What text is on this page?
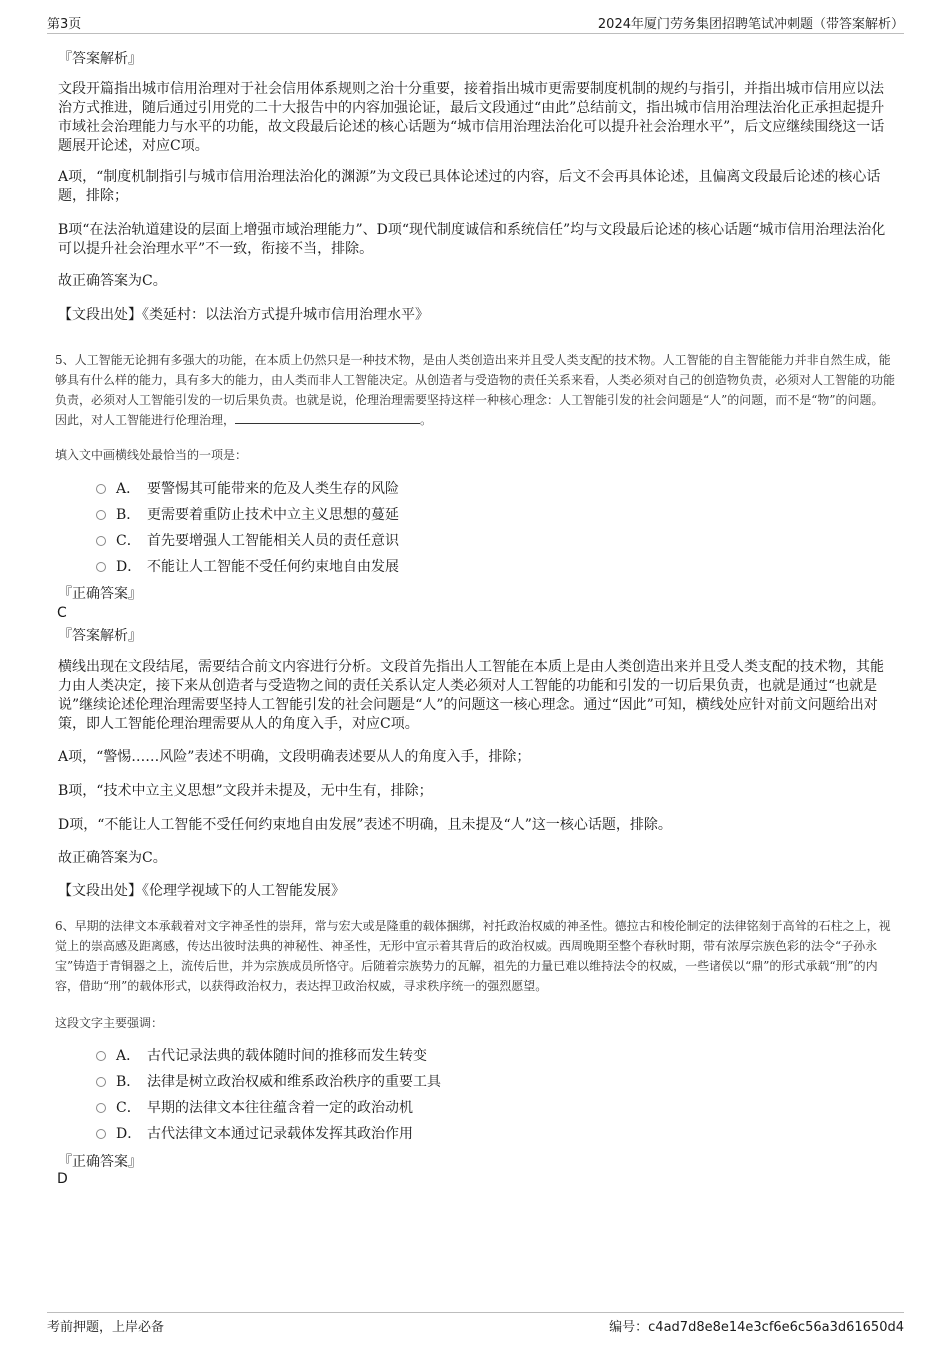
第3页	2024年厦门劳务集团招聘笔试冲刺题（带答案解析）
『答案解析』
文段开篇指出城市信用治理对于社会信用体系规则之治十分重要，接着指出城市更需要制度机制的规约与指引，并指出城市信用应以法治方式推进，随后通过引用党的二十大报告中的内容加强论证，最后文段通过“由此”总结前文，指出城市信用治理法治化正承担起提升市域社会治理能力与水平的功能，故文段最后论述的核心话题为“城市信用治理法治化可以提升社会治理水平”，后文应继续围绕这一话题展开论述，对应C项。
A项，“制度机制指引与城市信用治理法治化的渊源”为文段已具体论述过的内容，后文不会再具体论述，且偏离文段最后论述的核心话题，排除；
B项“在法治轨道建设的层面上增强市域治理能力”、D项“现代制度诚信和系统信任”均与文段最后论述的核心话题“城市信用治理法治化可以提升社会治理水平”不一致，衔接不当，排除。
故正确答案为C。
【文段出处】《类延村：以法治方式提升城市信用治理水平》
5、人工智能无论拥有多强大的功能，在本质上仍然只是一种技术物，是由人类创造出来并且受人类支配的技术物。人工智能的自主智能能力并非自然生成，能够具有什么样的能力，具有多大的能力，由人类而非人工智能决定。从创造者与受造物的责任关系来看，人类必须对自己的创造物负责，必须对人工智能的功能负责，必须对人工智能引发的一切后果负责。也就是说，伦理治理需要坚持这样一种核心理念：人工智能引发的社会问题是“人”的问题，而不是“物”的问题。因此，对人工智能进行伦理治理，	。
填入文中画横线处最恰当的一项是：
A． 要警惕其可能带来的危及人类生存的风险
B． 更需要着重防止技术中立主义思想的蔓延
C． 首先要增强人工智能相关人员的责任意识
D． 不能让人工智能不受任何约束地自由发展
『正确答案』
C
『答案解析』
横线出现在文段结尾，需要结合前文内容进行分析。文段首先指出人工智能在本质上是由人类创造出来并且受人类支配的技术物，其能力由人类决定，接下来从创造者与受造物之间的责任关系认定人类必须对人工智能的功能和引发的一切后果负责，也就是通过“也就是说”继续论述伦理治理需要坚持人工智能引发的社会问题是“人”的问题这一核心理念。通过“因此”可知，横线处应针对前文问题给出对策，即人工智能伦理治理需要从人的角度入手，对应C项。
A项，“警惕……风险”表述不明确，文段明确表述要从人的角度入手，排除；
B项，“技术中立主义思想”文段并未提及，无中生有，排除；
D项，“不能让人工智能不受任何约束地自由发展”表述不明确，且未提及“人”这一核心话题，排除。
故正确答案为C。
【文段出处】《伦理学视域下的人工智能发展》
6、早期的法律文本承载着对文字神圣性的崇拜，常与宏大或是隆重的载体捆绑，衬托政治权威的神圣性。德拉古和梭伦制定的法律铭刻于高耸的石柱之上，视觉上的崇高感及距离感，传达出彼时法典的神秘性、神圣性，无形中宣示着其背后的政治权威。西周晚期至整个春秋时期，带有浓厚宗族色彩的法令“子孙永宝”铸造于青铜器之上，流传后世，并为宗族成员所恪守。后随着宗族势力的瓦解，祖先的力量已难以维持法令的权威，一些诸侯以“鼎”的形式承载“刑”的内容，借助“刑”的载体形式，以获得政治权力，表达捍卫政治权威，寻求秩序统一的强烈愿望。
这段文字主要强调：
A． 古代记录法典的载体随时间的推移而发生转变
B． 法律是树立政治权威和维系政治秩序的重要工具
C． 早期的法律文本往往蕴含着一定的政治动机
D． 古代法律文本通过记录载体发挥其政治作用
『正确答案』
D
考前押题，上岸必备	编号：c4ad7d8e8e14e3cf6e6c56a3d61650d4
